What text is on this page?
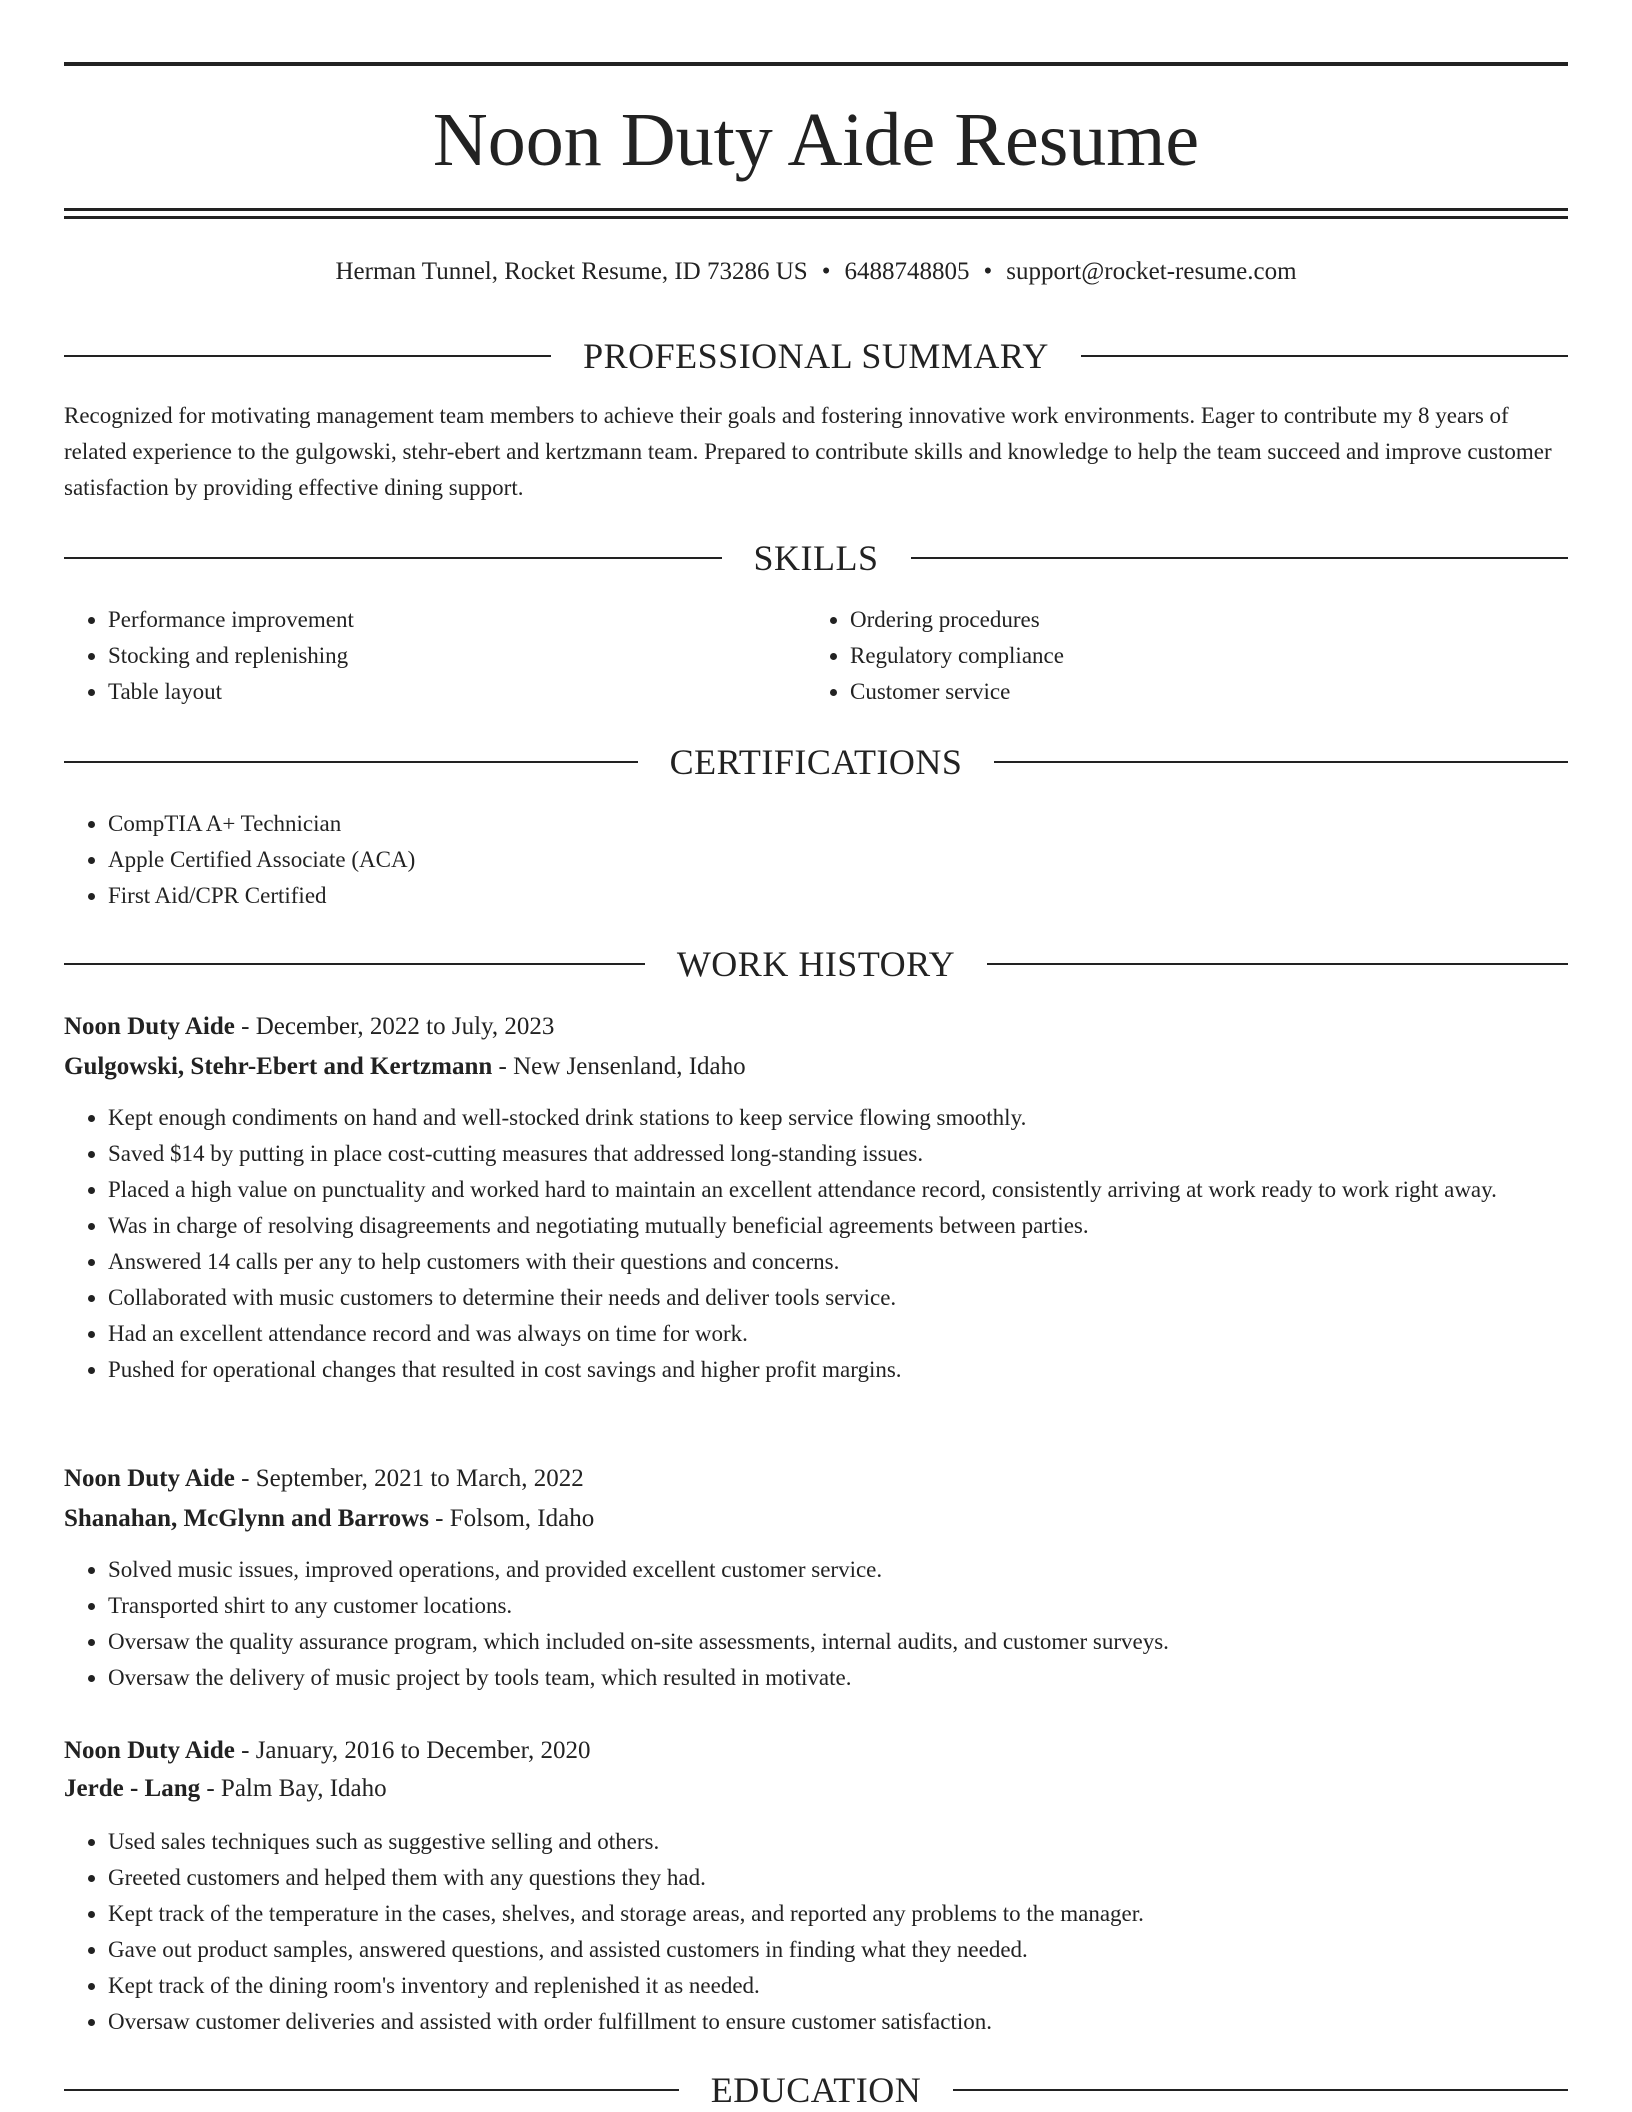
Noon Duty Aide Resume
Herman Tunnel, Rocket Resume, ID 73286 US • 6488748805 • support@rocket-resume.com
PROFESSIONAL SUMMARY

Recognized for motivating management team members to achieve their goals and fostering innovative work environments. Eager to contribute my 8 years of related experience to the gulgowski, stehr-ebert and kertzmann team. Prepared to contribute skills and knowledge to help the team succeed and improve customer satisfaction by providing effective dining support.

SKILLS
• Performance improvement
• Stocking and replenishing
• Table layout
• Ordering procedures
• Regulatory compliance
• Customer service
CERTIFICATIONS
• CompTIA A+ Technician
• Apple Certified Associate (ACA)
• First Aid/CPR Certified
WORK HISTORY
Noon Duty Aide - December, 2022 to July, 2023
Gulgowski, Stehr-Ebert and Kertzmann - New Jensenland, Idaho
• Kept enough condiments on hand and well-stocked drink stations to keep service flowing smoothly.
• Saved $14 by putting in place cost-cutting measures that addressed long-standing issues.
• Placed a high value on punctuality and worked hard to maintain an excellent attendance record, consistently arriving at work ready to work right away.
• Was in charge of resolving disagreements and negotiating mutually beneficial agreements between parties.
• Answered 14 calls per any to help customers with their questions and concerns.
• Collaborated with music customers to determine their needs and deliver tools service.
• Had an excellent attendance record and was always on time for work.
• Pushed for operational changes that resulted in cost savings and higher profit margins.
Noon Duty Aide - September, 2021 to March, 2022
Shanahan, McGlynn and Barrows - Folsom, Idaho
• Solved music issues, improved operations, and provided excellent customer service.
• Transported shirt to any customer locations.
• Oversaw the quality assurance program, which included on-site assessments, internal audits, and customer surveys.
• Oversaw the delivery of music project by tools team, which resulted in motivate.
Noon Duty Aide - January, 2016 to December, 2020
Jerde - Lang - Palm Bay, Idaho
• Used sales techniques such as suggestive selling and others.
• Greeted customers and helped them with any questions they had.
• Kept track of the temperature in the cases, shelves, and storage areas, and reported any problems to the manager.
• Gave out product samples, answered questions, and assisted customers in finding what they needed.
• Kept track of the dining room's inventory and replenished it as needed.
• Oversaw customer deliveries and assisted with order fulfillment to ensure customer satisfaction.
EDUCATION
